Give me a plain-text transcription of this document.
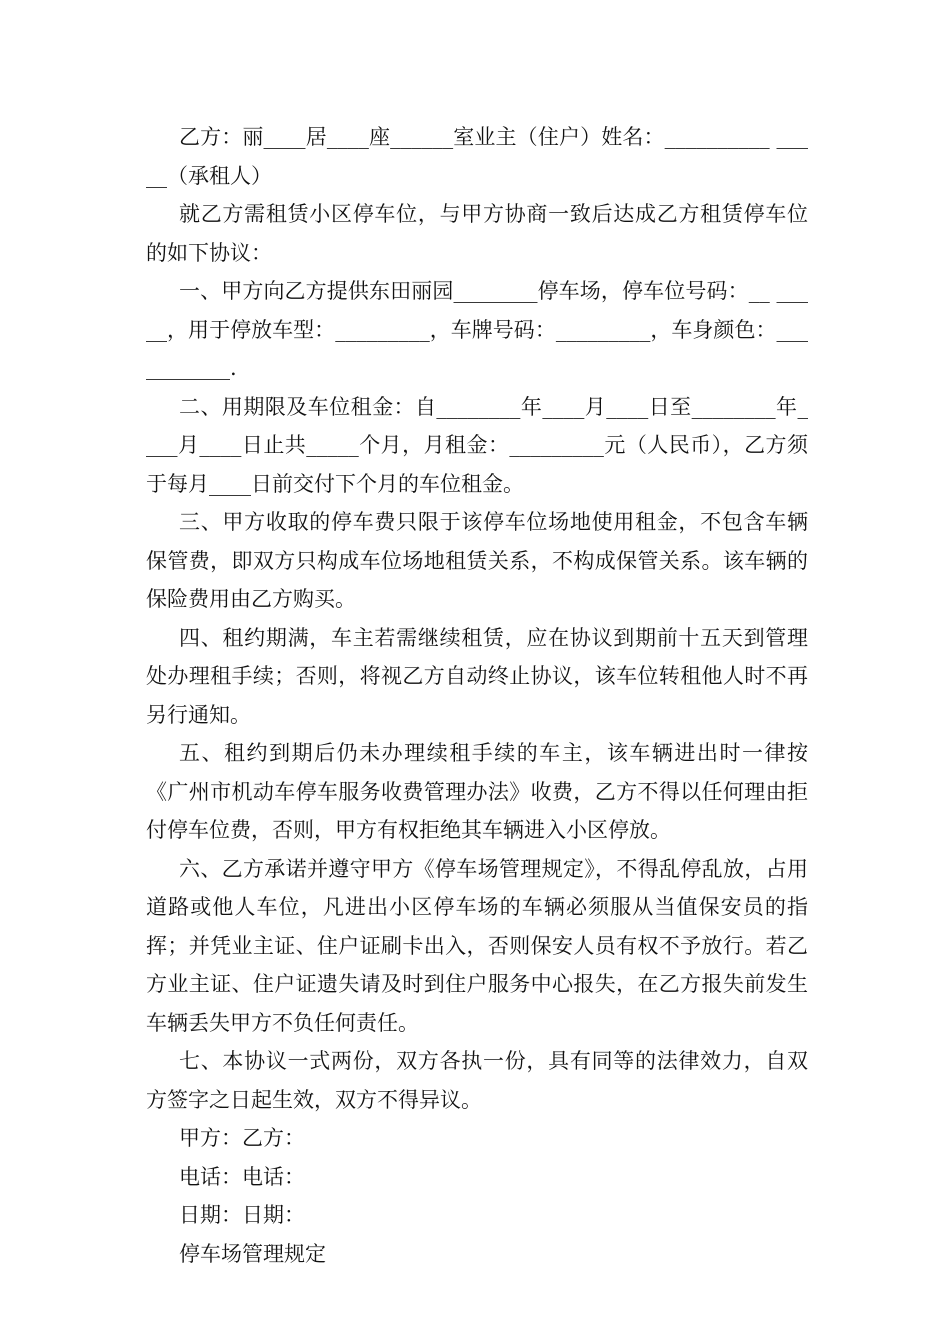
乙方：丽____居____座______室业主（住户）姓名：__________ _____（承租人）

就乙方需租赁小区停车位，与甲方协商一致后达成乙方租赁停车位的如下协议：

一、甲方向乙方提供东田丽园________停车场，停车位号码：__ _____，用于停放车型：_________，车牌号码：_________，车身颜色：___________.

二、用期限及车位租金：自________年____月____日至________年____月____日止共_____个月，月租金：_________元（人民币），乙方须于每月____日前交付下个月的车位租金。

三、甲方收取的停车费只限于该停车位场地使用租金，不包含车辆保管费，即双方只构成车位场地租赁关系，不构成保管关系。该车辆的保险费用由乙方购买。

四、租约期满，车主若需继续租赁，应在协议到期前十五天到管理处办理租手续；否则，将视乙方自动终止协议，该车位转租他人时不再另行通知。

五、租约到期后仍未办理续租手续的车主，该车辆进出时一律按《广州市机动车停车服务收费管理办法》收费，乙方不得以任何理由拒付停车位费，否则，甲方有权拒绝其车辆进入小区停放。

六、乙方承诺并遵守甲方《停车场管理规定》，不得乱停乱放，占用道路或他人车位，凡进出小区停车场的车辆必须服从当值保安员的指挥；并凭业主证、住户证刷卡出入，否则保安人员有权不予放行。若乙方业主证、住户证遗失请及时到住户服务中心报失，在乙方报失前发生车辆丢失甲方不负任何责任。

七、本协议一式两份，双方各执一份，具有同等的法律效力，自双方签字之日起生效，双方不得异议。

甲方：乙方：

电话：电话：

日期：日期：

停车场管理规定
